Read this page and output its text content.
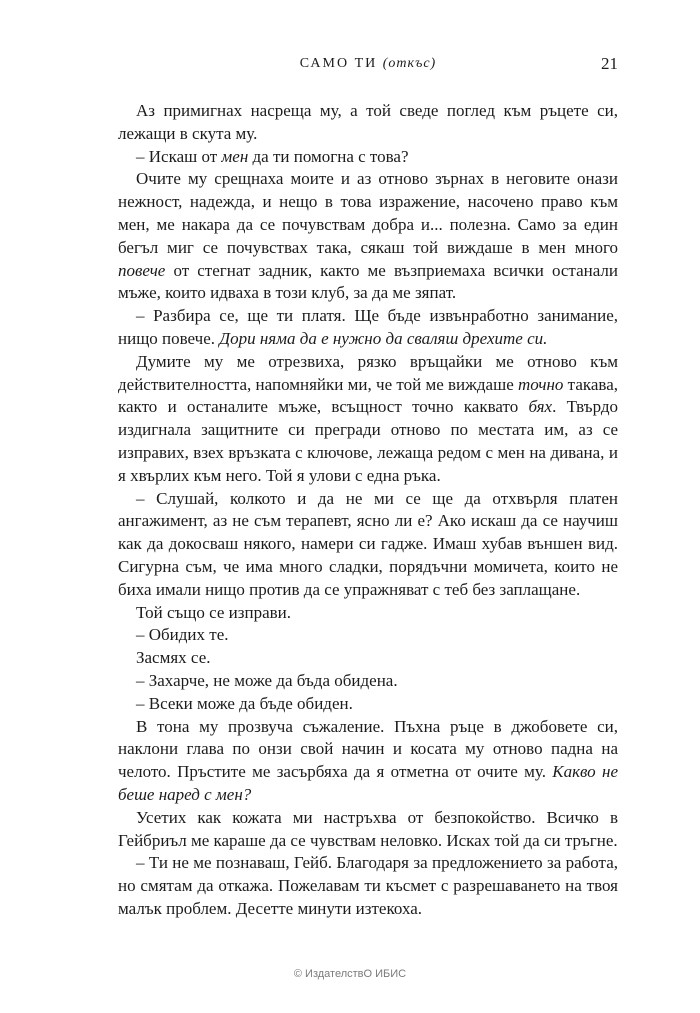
САМО ТИ (откъс)	21

Аз примигнах насреща му, а той сведе поглед към ръцете си, лежащи в скута му.

– Искаш от мен да ти помогна с това?

Очите му срещнаха моите и аз отново зърнах в неговите онази нежност, надежда, и нещо в това изражение, насочено право към мен, ме накара да се почувствам добра и... полезна. Само за един бегъл миг се почувствах така, сякаш той виждаше в мен много повече от стегнат задник, както ме възприемаха всички останали мъже, които идваха в този клуб, за да ме зяпат.

– Разбира се, ще ти платя. Ще бъде извънработно занимание, нищо повече. Дори няма да е нужно да сваляш дрехите си.

Думите му ме отрезвиха, рязко връщайки ме отново към действителността, напомняйки ми, че той ме виждаше точно такава, както и останалите мъже, всъщност точно каквато бях. Твърдо издигнала защитните си прегради отново по местата им, аз се изправих, взех връзката с ключове, лежаща редом с мен на дивана, и я хвърлих към него. Той я улови с една ръка.

– Слушай, колкото и да не ми се ще да отхвърля платен ангажимент, аз не съм терапевт, ясно ли е? Ако искаш да се научиш как да докосваш някого, намери си гадже. Имаш хубав външен вид. Сигурна съм, че има много сладки, порядъчни момичета, които не биха имали нищо против да се упражняват с теб без заплащане.

Той също се изправи.

– Обидих те.

Засмях се.

– Захарче, не може да бъда обидена.

– Всеки може да бъде обиден.

В тона му прозвуча съжаление. Пъхна ръце в джобовете си, наклони глава по онзи свой начин и косата му отново падна на челото. Пръстите ме засърбяха да я отметна от очите му. Какво не беше наред с мен?

Усетих как кожата ми настръхва от безпокойство. Всичко в Гейбриъл ме караше да се чувствам неловко. Исках той да си тръгне.

– Ти не ме познаваш, Гейб. Благодаря за предложението за работа, но смятам да откажа. Пожелавам ти късмет с разрешаването на твоя малък проблем. Десетте минути изтекоха.

© ИздателствО ИБИС
